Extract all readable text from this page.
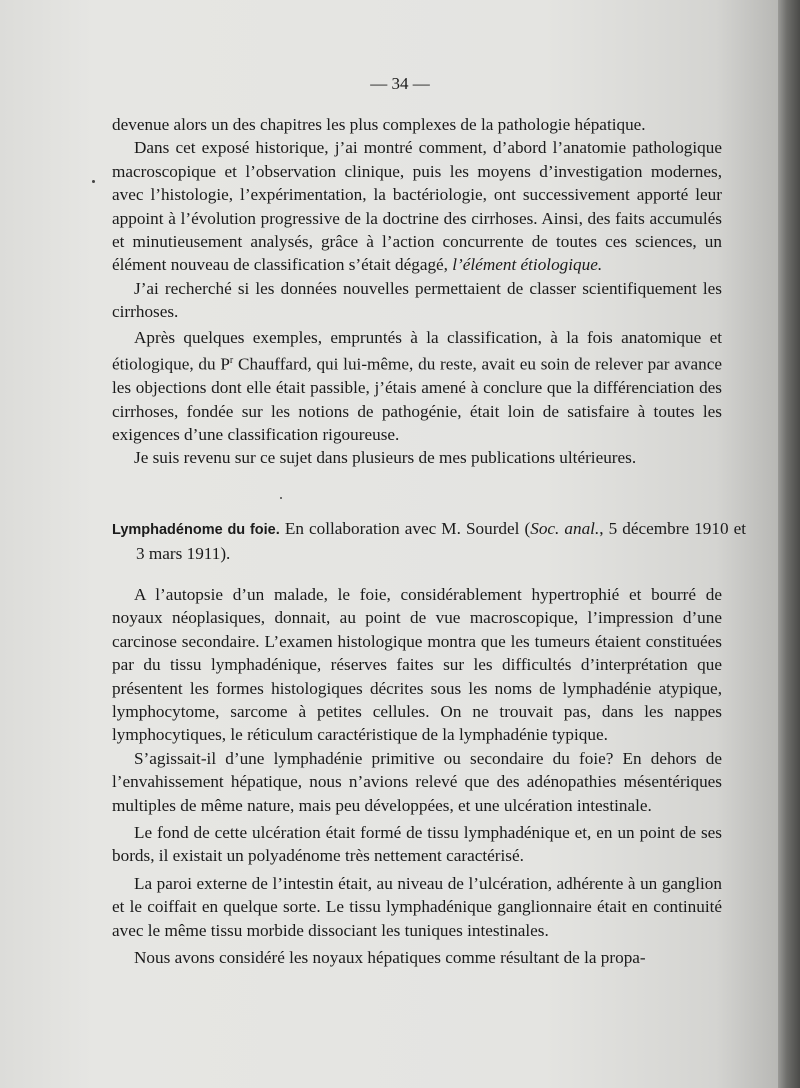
— 34 —

devenue alors un des chapitres les plus complexes de la pathologie hépatique.

Dans cet exposé historique, j’ai montré comment, d’abord l’anatomie pathologique macroscopique et l’observation clinique, puis les moyens d’investigation modernes, avec l’histologie, l’expérimentation, la bactériologie, ont successivement apporté leur appoint à l’évolution progressive de la doctrine des cirrhoses. Ainsi, des faits accumulés et minutieusement analysés, grâce à l’action concurrente de toutes ces sciences, un élément nouveau de classification s’était dégagé, l’élément étiologique.

J’ai recherché si les données nouvelles permettaient de classer scientifiquement les cirrhoses.

Après quelques exemples, empruntés à la classification, à la fois anatomique et étiologique, du $P^r$ Chauffard, qui lui-même, du reste, avait eu soin de relever par avance les objections dont elle était passible, j’étais amené à conclure que la différenciation des cirrhoses, fondée sur les notions de pathogénie, était loin de satisfaire à toutes les exigences d’une classification rigoureuse.

Je suis revenu sur ce sujet dans plusieurs de mes publications ultérieures.

Lymphadénome du foie. En collaboration avec M. Sourdel (Soc. anal., 5 décembre 1910 et 3 mars 1911).

A l’autopsie d’un malade, le foie, considérablement hypertrophié et bourré de noyaux néoplasiques, donnait, au point de vue macroscopique, l’impression d’une carcinose secondaire. L’examen histologique montra que les tumeurs étaient constituées par du tissu lymphadénique, réserves faites sur les difficultés d’interprétation que présentent les formes histologiques décrites sous les noms de lymphadénie atypique, lymphocytome, sarcome à petites cellules. On ne trouvait pas, dans les nappes lymphocytiques, le réticulum caractéristique de la lymphadénie typique.

S’agissait-il d’une lymphadénie primitive ou secondaire du foie? En dehors de l’envahissement hépatique, nous n’avions relevé que des adénopathies mésentériques multiples de même nature, mais peu développées, et une ulcération intestinale.

Le fond de cette ulcération était formé de tissu lymphadénique et, en un point de ses bords, il existait un polyadénome très nettement caractérisé.

La paroi externe de l’intestin était, au niveau de l’ulcération, adhérente à un ganglion et le coiffait en quelque sorte. Le tissu lymphadénique ganglionnaire était en continuité avec le même tissu morbide dissociant les tuniques intestinales.

Nous avons considéré les noyaux hépatiques comme résultant de la propa-
